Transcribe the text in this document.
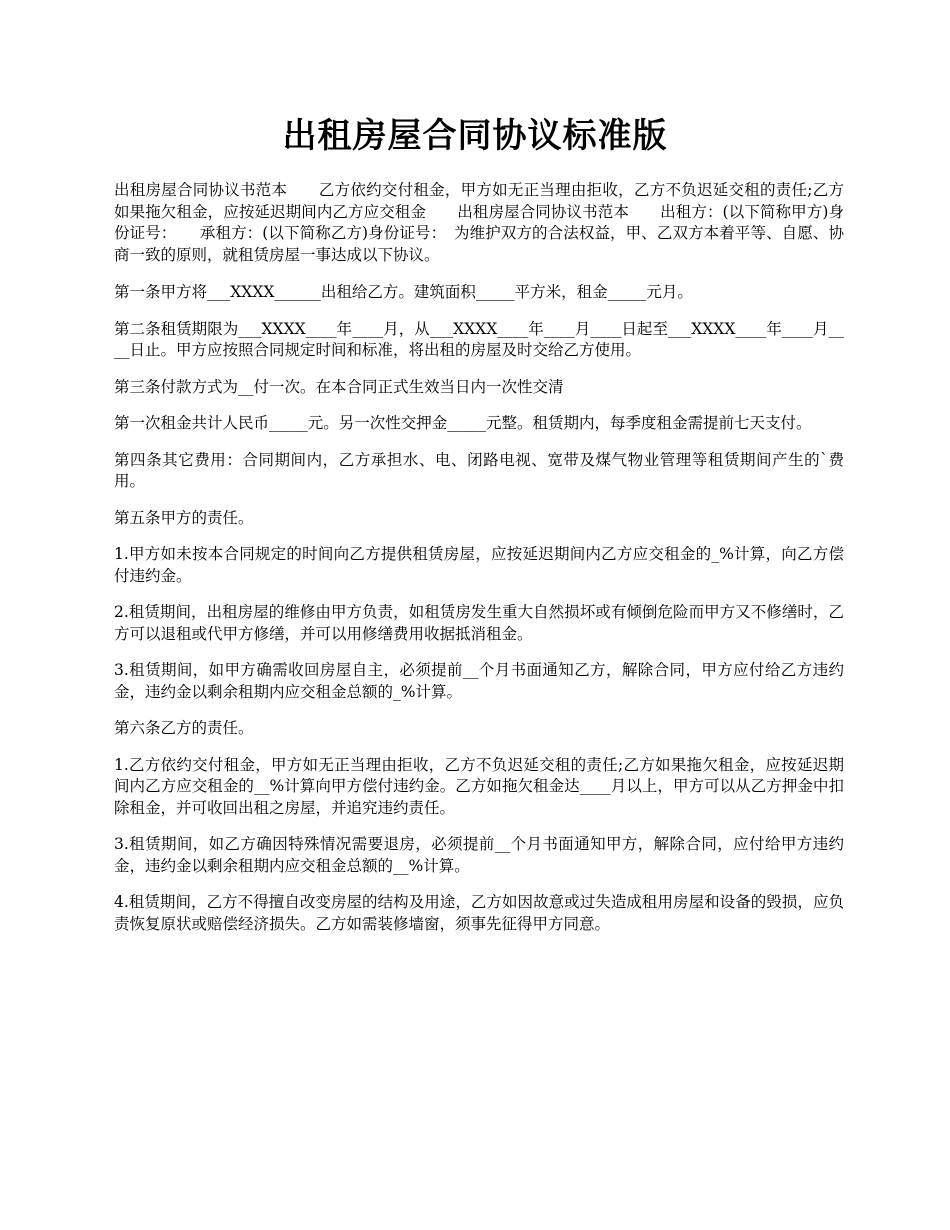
出租房屋合同协议标准版

出租房屋合同协议书范本　　乙方依约交付租金，甲方如无正当理由拒收，乙方不负迟延交租的责任;乙方如果拖欠租金，应按延迟期间内乙方应交租金　　出租房屋合同协议书范本　　出租方：(以下简称甲方)身份证号：　　承租方：(以下简称乙方)身份证号：　为维护双方的合法权益，甲、乙双方本着平等、自愿、协商一致的原则，就租赁房屋一事达成以下协议。

第一条甲方将___XXXX______出租给乙方。建筑面积_____平方米，租金_____元月。

第二条租赁期限为___XXXX____年____月，从___XXXX____年____月____日起至___XXXX____年____月____日止。甲方应按照合同规定时间和标准，将出租的房屋及时交给乙方使用。

第三条付款方式为__付一次。在本合同正式生效当日内一次性交清

第一次租金共计人民币_____元。另一次性交押金_____元整。租赁期内，每季度租金需提前七天支付。

第四条其它费用：合同期间内，乙方承担水、电、闭路电视、宽带及煤气物业管理等租赁期间产生的`费用。

第五条甲方的责任。

1.甲方如未按本合同规定的时间向乙方提供租赁房屋，应按延迟期间内乙方应交租金的_%计算，向乙方偿付违约金。

2.租赁期间，出租房屋的维修由甲方负责，如租赁房发生重大自然损坏或有倾倒危险而甲方又不修缮时，乙方可以退租或代甲方修缮，并可以用修缮费用收据抵消租金。

3.租赁期间，如甲方确需收回房屋自主，必须提前__个月书面通知乙方，解除合同，甲方应付给乙方违约金，违约金以剩余租期内应交租金总额的_%计算。

第六条乙方的责任。

1.乙方依约交付租金，甲方如无正当理由拒收，乙方不负迟延交租的责任;乙方如果拖欠租金，应按延迟期间内乙方应交租金的__%计算向甲方偿付违约金。乙方如拖欠租金达____月以上，甲方可以从乙方押金中扣除租金，并可收回出租之房屋，并追究违约责任。

3.租赁期间，如乙方确因特殊情况需要退房，必须提前__个月书面通知甲方，解除合同，应付给甲方违约金，违约金以剩余租期内应交租金总额的__%计算。

4.租赁期间，乙方不得擅自改变房屋的结构及用途，乙方如因故意或过失造成租用房屋和设备的毁损，应负责恢复原状或赔偿经济损失。乙方如需装修墙窗，须事先征得甲方同意。
